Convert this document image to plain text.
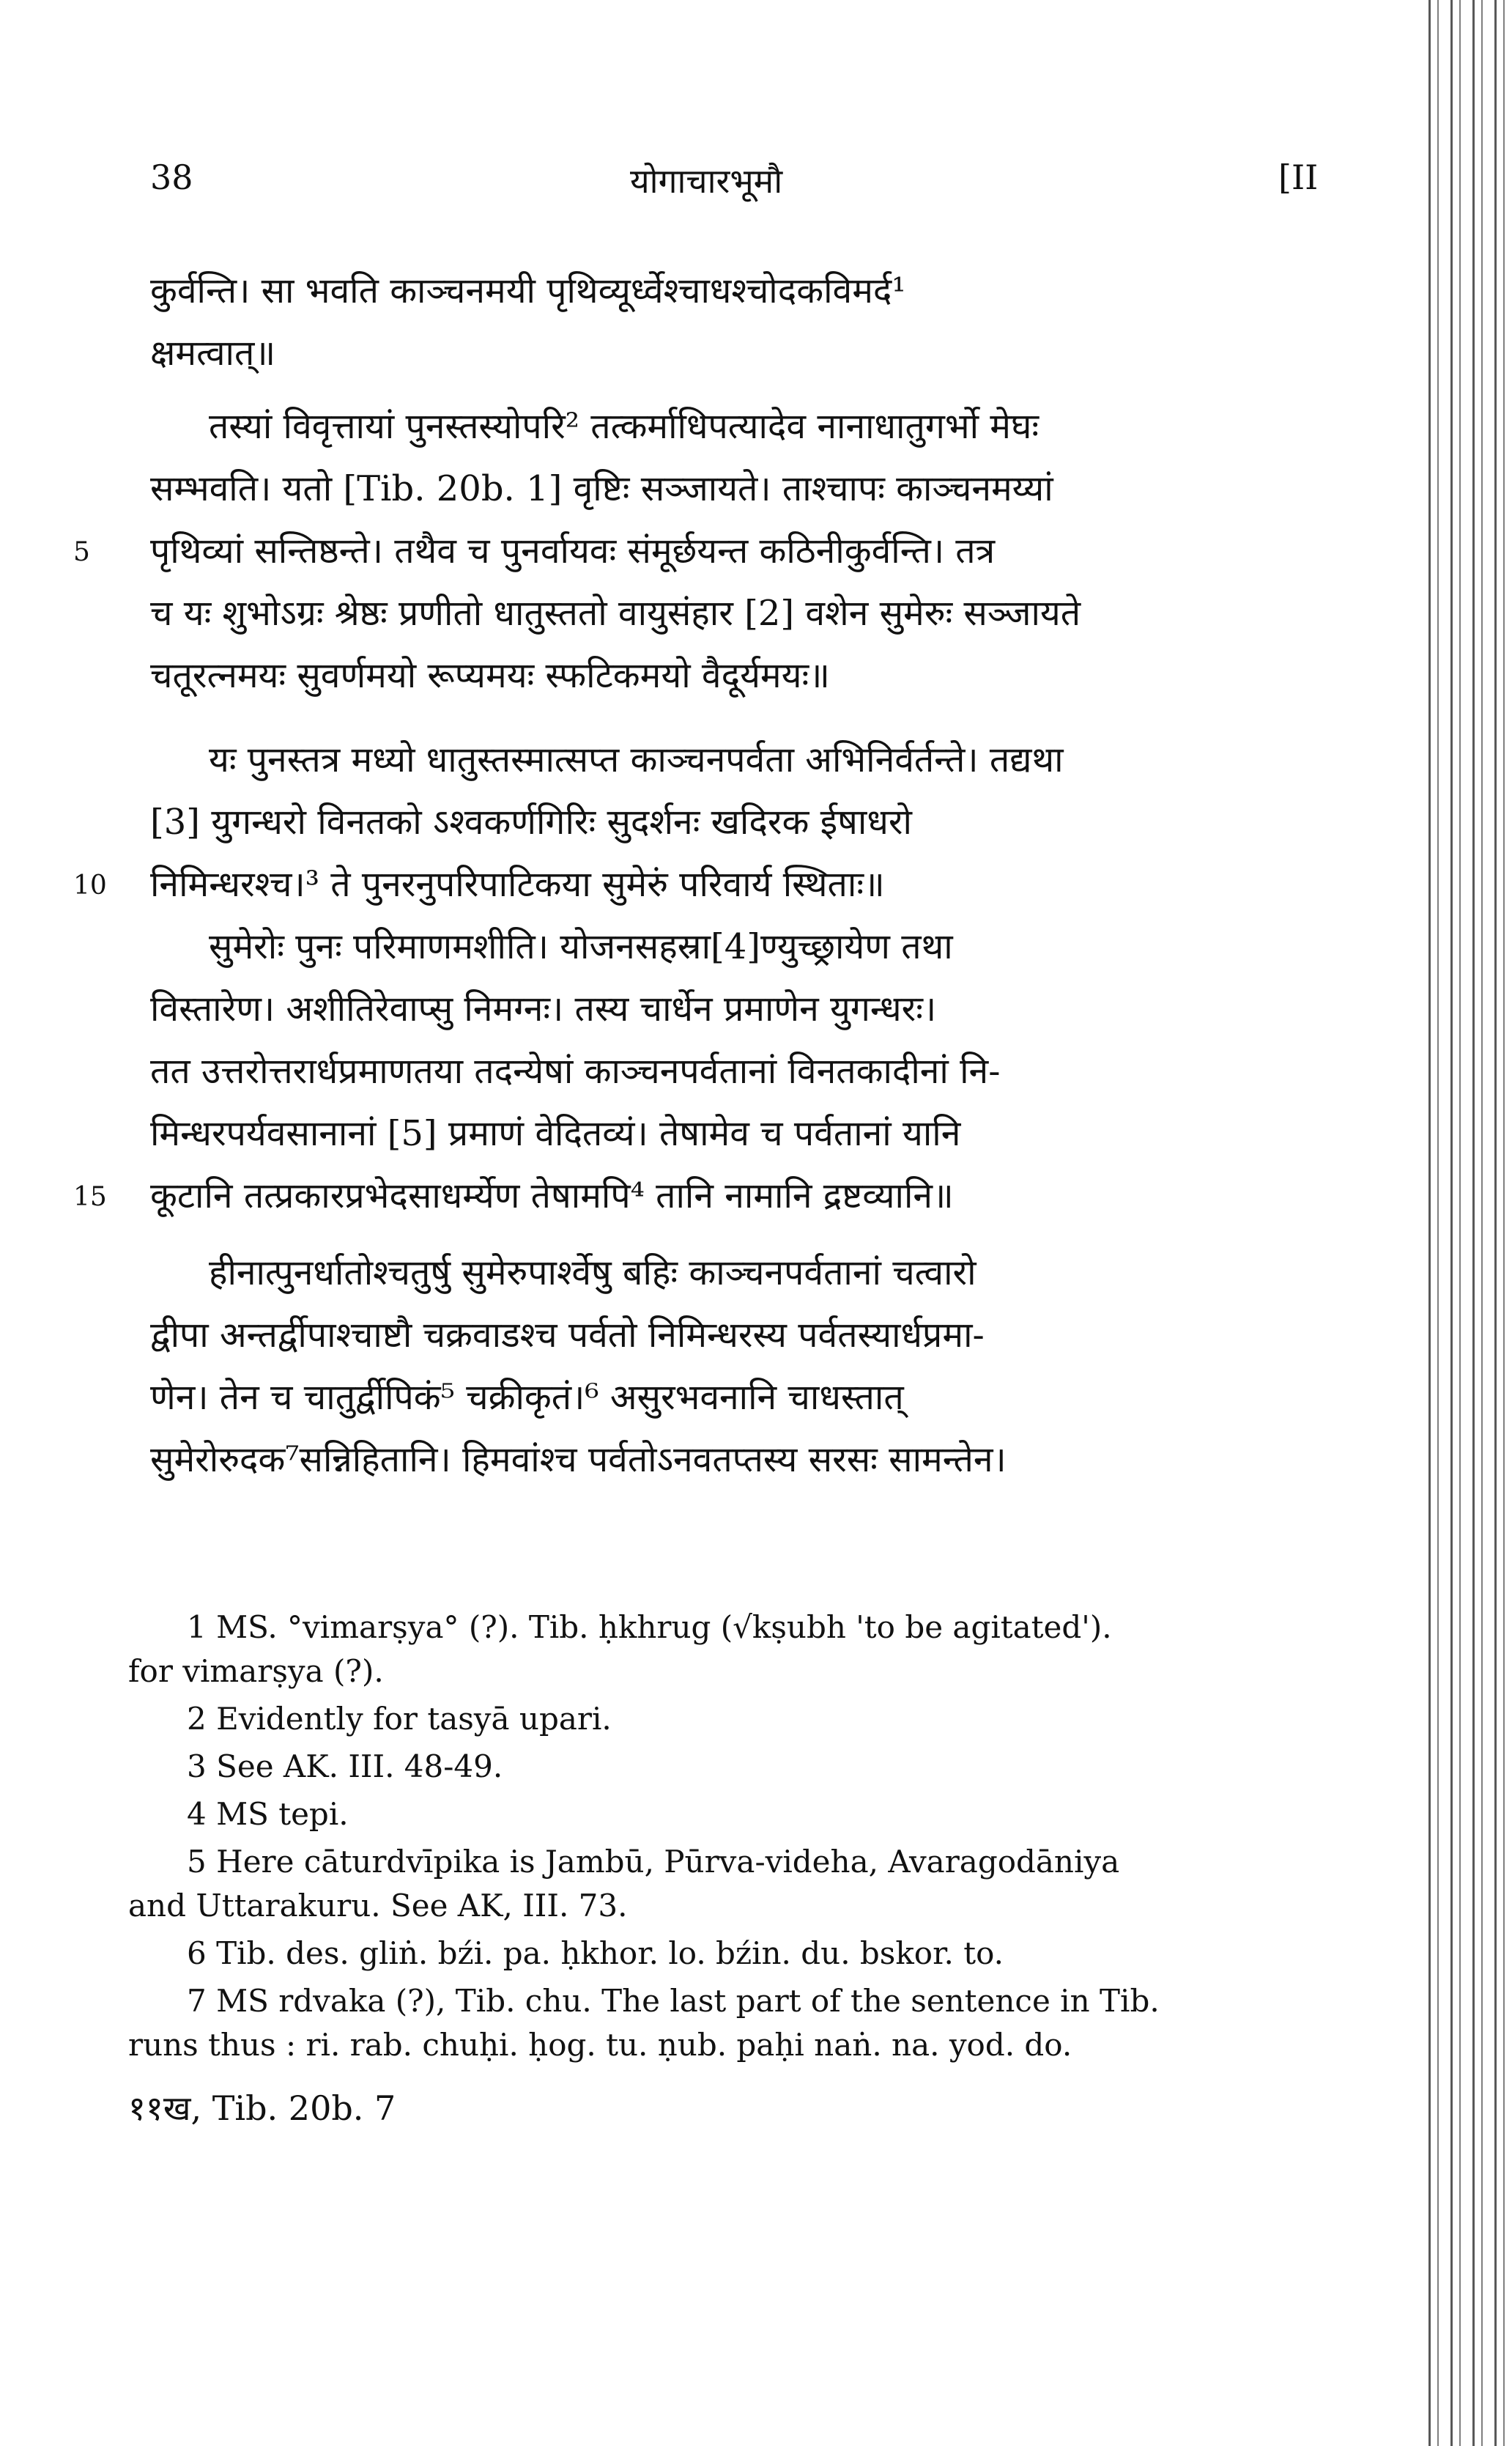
38	योगाचारभूमौ	[II
कुर्वन्ति। सा भवति काञ्चनमयी पृथिव्यूर्ध्वेश्चाधश्चोदकविमर्द¹
क्षमत्वात्॥
तस्यां विवृत्तायां पुनस्तस्योपरि² तत्कर्माधिपत्यादेव नानाधातुगर्भो मेघः
सम्भवति। यतो [Tib. 20b. 1] वृष्टिः सञ्जायते। ताश्चापः काञ्चनमय्यां
पृथिव्यां सन्तिष्ठन्ते। तथैव च पुनर्वायवः संमूर्छयन्त कठिनीकुर्वन्ति। तत्र
च यः शुभोऽग्रः श्रेष्ठः प्रणीतो धातुस्ततो वायुसंहार [2] वशेन सुमेरुः सञ्जायते
चतूरत्नमयः सुवर्णमयो रूप्यमयः स्फटिकमयो वैदूर्यमयः॥
यः पुनस्तत्र मध्यो धातुस्तस्मात्सप्त काञ्चनपर्वता अभिनिर्वर्तन्ते। तद्यथा
[3] युगन्धरो विनतको ऽश्वकर्णगिरिः सुदर्शनः खदिरक ईषाधरो
निमिन्धरश्च।³ ते पुनरनुपरिपाटिकया सुमेरुं परिवार्य स्थिताः॥
सुमेरोः पुनः परिमाणमशीति। योजनसहस्रा[4]ण्युच्छ्रायेण तथा
विस्तारेण। अशीतिरेवाप्सु निमग्नः। तस्य चार्धेन प्रमाणेन युगन्धरः।
तत उत्तरोत्तरार्धप्रमाणतया तदन्येषां काञ्चनपर्वतानां विनतकादीनां नि-
मिन्धरपर्यवसानानां [5] प्रमाणं वेदितव्यं। तेषामेव च पर्वतानां यानि
कूटानि तत्प्रकारप्रभेदसाधर्म्येण तेषामपि⁴ तानि नामानि द्रष्टव्यानि॥
हीनात्पुनर्धातोश्चतुर्षु सुमेरुपार्श्वेषु बहिः काञ्चनपर्वतानां चत्वारो
द्वीपा अन्तर्द्वीपाश्चाष्टौ चक्रवाडश्च पर्वतो निमिन्धरस्य पर्वतस्यार्धप्रमा-
णेन। तेन च चातुर्द्वीपिकं⁵ चक्रीकृतं।⁶ असुरभवनानि चाधस्तात्
सुमेरोरुदक⁷सन्निहितानि। हिमवांश्च पर्वतोऽनवतप्तस्य सरसः सामन्तेन।
5
10
15
1 MS. °vimarṣya° (?). Tib. ḥkhrug (√kṣubh 'to be agitated').
for vimarṣya (?).
2 Evidently for tasyā upari.
3 See AK. III. 48-49.
4 MS tepi.
5 Here cāturdvīpika is Jambū, Pūrva-videha, Avaragodāniya
and Uttarakuru. See AK, III. 73.
6 Tib. des. gliṅ. bźi. pa. ḥkhor. lo. bźin. du. bskor. to.
7 MS rdvaka (?), Tib. chu. The last part of the sentence in Tib.
runs thus : ri. rab. chuḥi. ḥog. tu. ṇub. paḥi naṅ. na. yod. do.
११ख, Tib. 20b. 7
